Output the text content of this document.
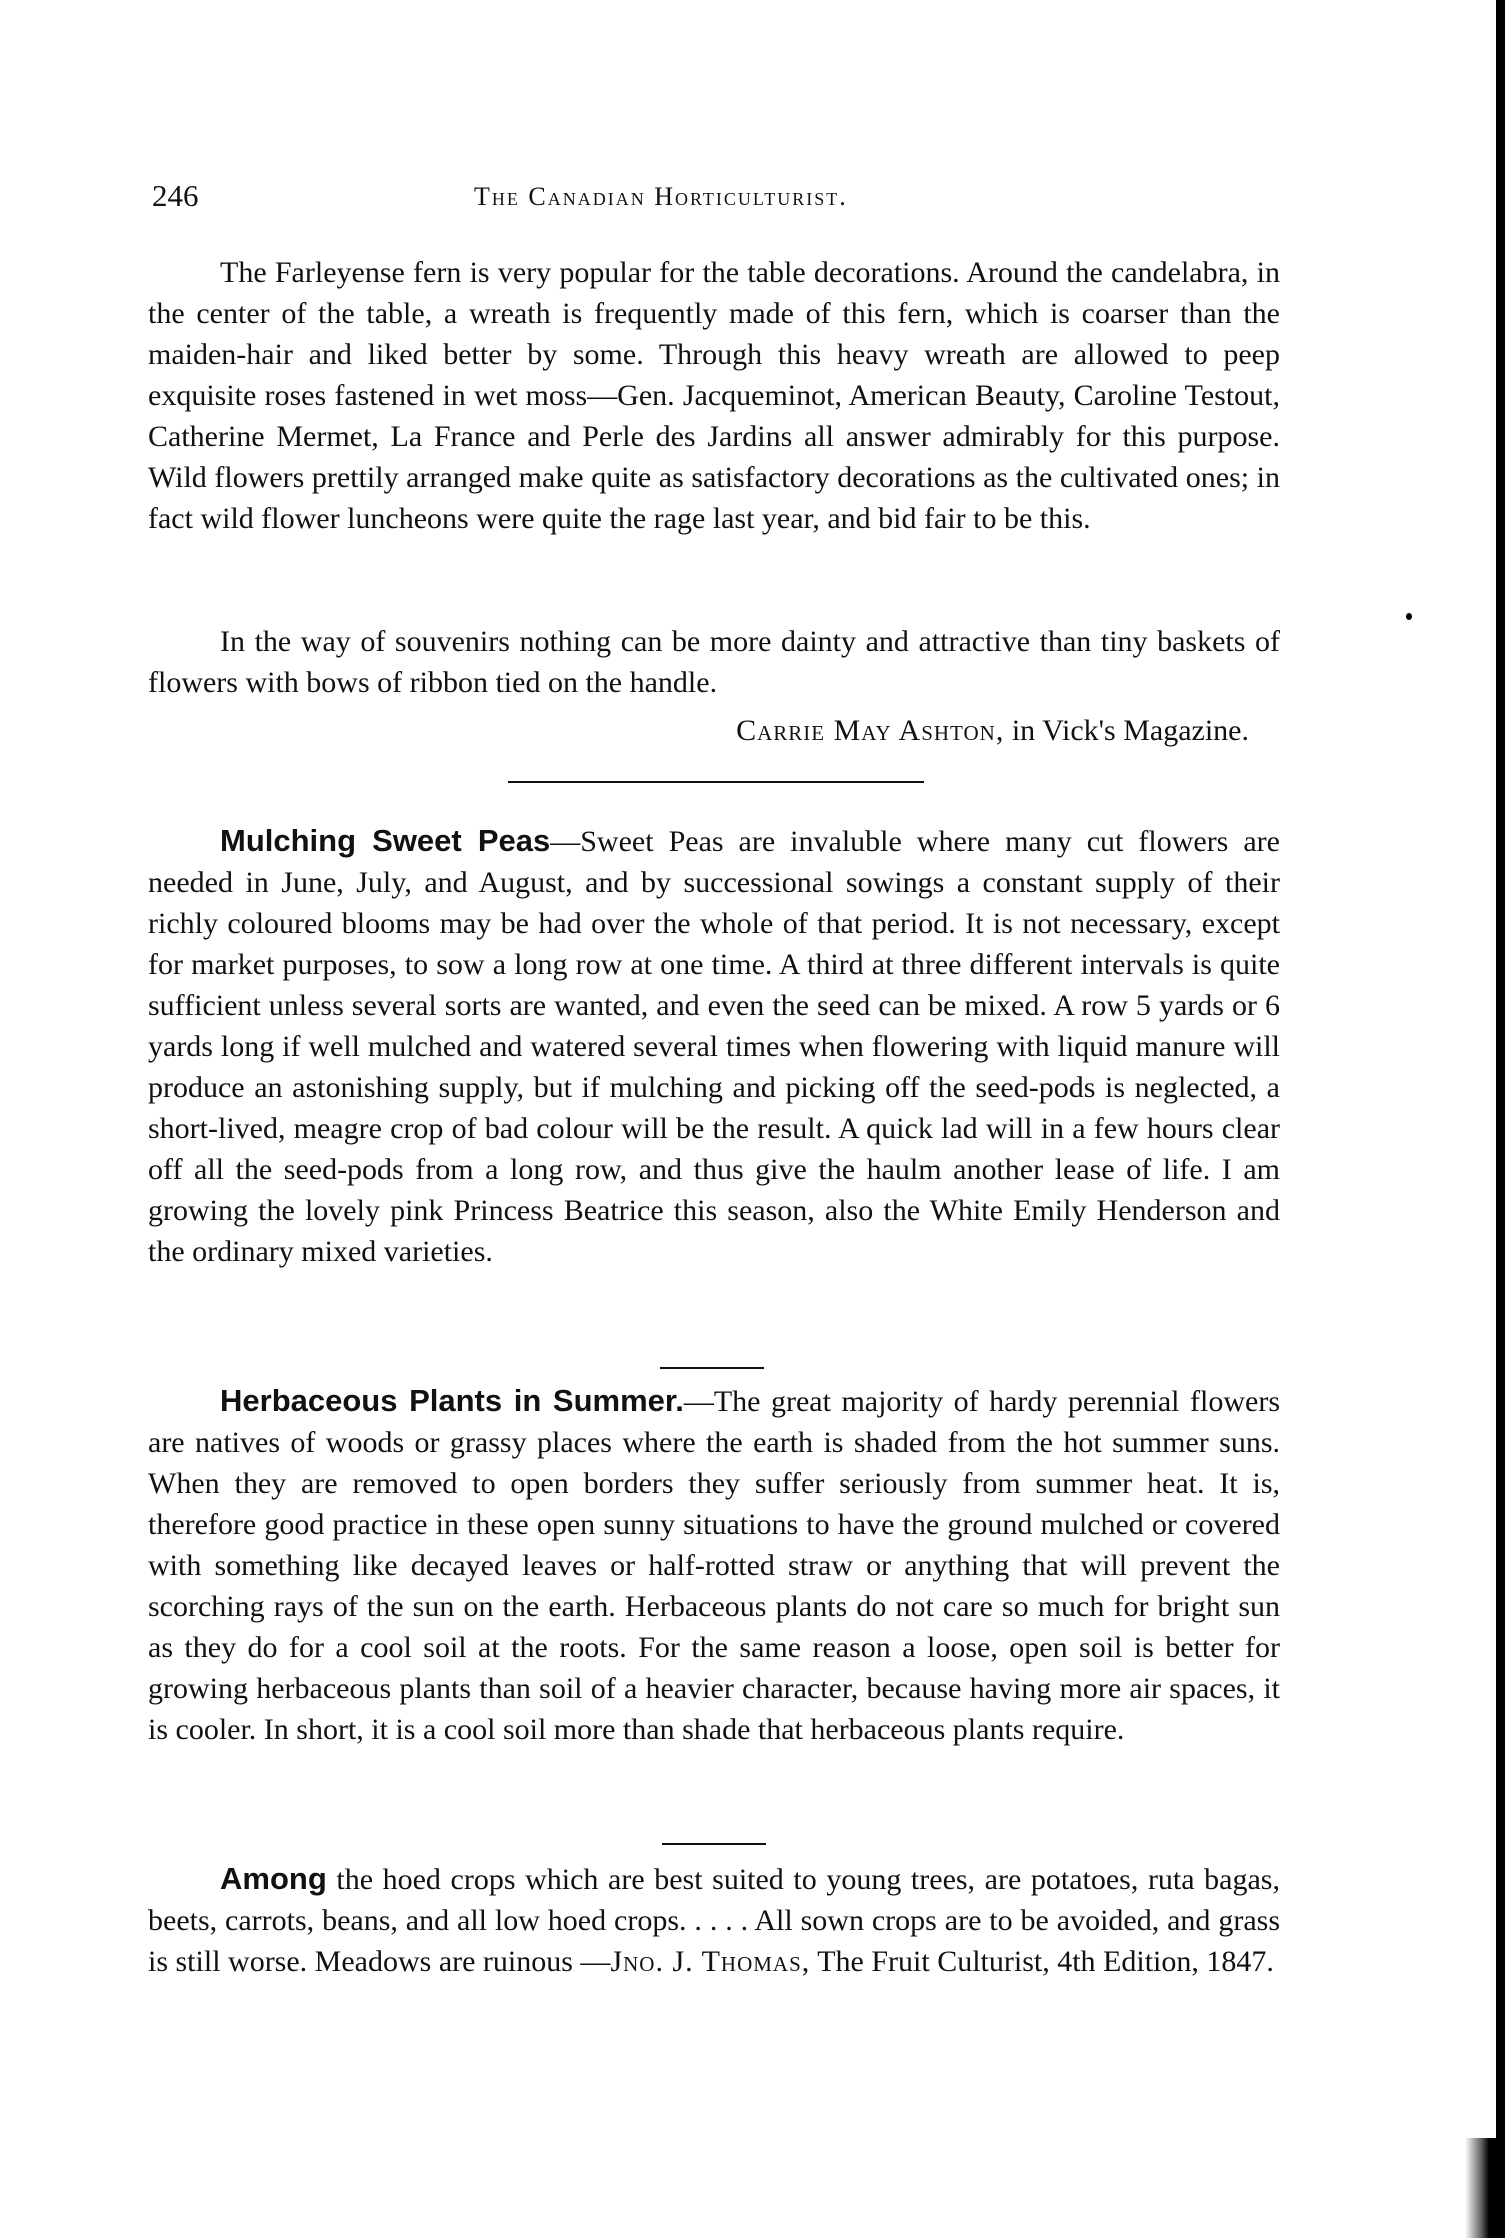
246	The Canadian Horticulturist.

The Farleyense fern is very popular for the table decorations. Around the candelabra, in the center of the table, a wreath is frequently made of this fern, which is coarser than the maiden-hair and liked better by some. Through this heavy wreath are allowed to peep exquisite roses fastened in wet moss—Gen. Jacqueminot, American Beauty, Caroline Testout, Catherine Mermet, La France and Perle des Jardins all answer admirably for this purpose. Wild flowers prettily arranged make quite as satisfactory decorations as the cultivated ones; in fact wild flower luncheons were quite the rage last year, and bid fair to be this.

In the way of souvenirs nothing can be more dainty and attractive than tiny baskets of flowers with bows of ribbon tied on the handle.

Carrie May Ashton, in Vick's Magazine.

Mulching Sweet Peas—Sweet Peas are invaluble where many cut flowers are needed in June, July, and August, and by successional sowings a constant supply of their richly coloured blooms may be had over the whole of that period. It is not necessary, except for market purposes, to sow a long row at one time. A third at three different intervals is quite sufficient unless several sorts are wanted, and even the seed can be mixed. A row 5 yards or 6 yards long if well mulched and watered several times when flowering with liquid manure will produce an astonishing supply, but if mulching and picking off the seed-pods is neglected, a short-lived, meagre crop of bad colour will be the result. A quick lad will in a few hours clear off all the seed-pods from a long row, and thus give the haulm another lease of life. I am growing the lovely pink Princess Beatrice this season, also the White Emily Henderson and the ordinary mixed varieties.

Herbaceous Plants in Summer.—The great majority of hardy perennial flowers are natives of woods or grassy places where the earth is shaded from the hot summer suns. When they are removed to open borders they suffer seriously from summer heat. It is, therefore good practice in these open sunny situations to have the ground mulched or covered with something like decayed leaves or half-rotted straw or anything that will prevent the scorching rays of the sun on the earth. Herbaceous plants do not care so much for bright sun as they do for a cool soil at the roots. For the same reason a loose, open soil is better for growing herbaceous plants than soil of a heavier character, because having more air spaces, it is cooler. In short, it is a cool soil more than shade that herbaceous plants require.

Among the hoed crops which are best suited to young trees, are potatoes, ruta bagas, beets, carrots, beans, and all low hoed crops. . . . . All sown crops are to be avoided, and grass is still worse. Meadows are ruinous —Jno. J. Thomas, The Fruit Culturist, 4th Edition, 1847.
